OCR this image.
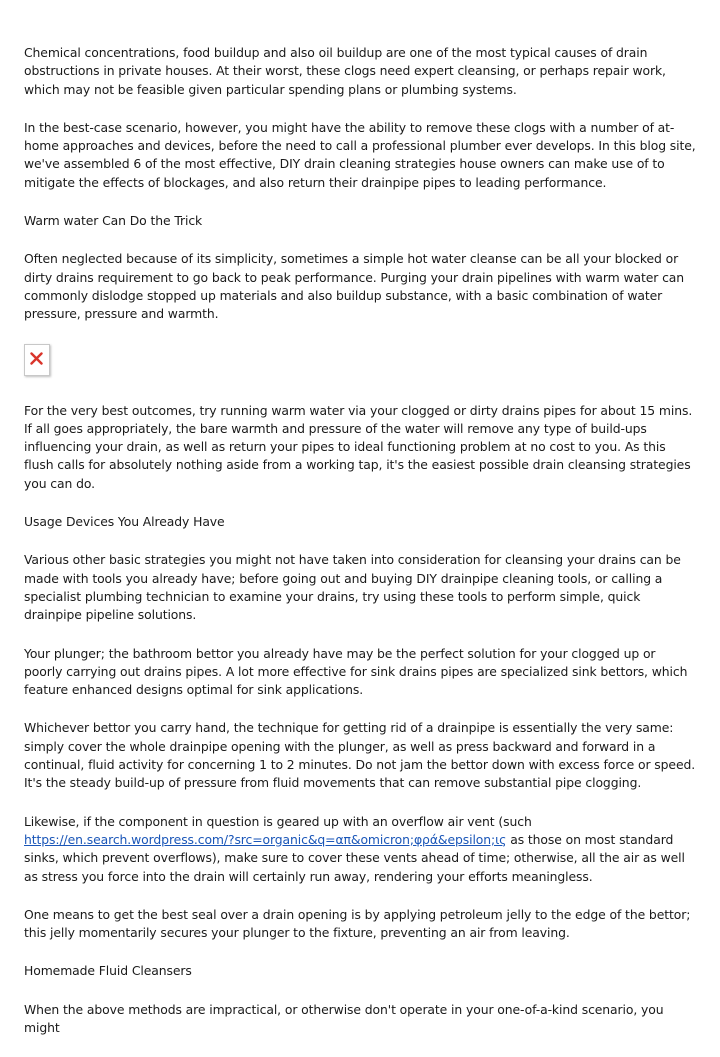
Chemical concentrations, food buildup and also oil buildup are one of the most typical causes of drain obstructions in private houses. At their worst, these clogs need expert cleansing, or perhaps repair work, which may not be feasible given particular spending plans or plumbing systems.

In the best-case scenario, however, you might have the ability to remove these clogs with a number of at-home approaches and devices, before the need to call a professional plumber ever develops. In this blog site, we've assembled 6 of the most effective, DIY drain cleaning strategies house owners can make use of to mitigate the effects of blockages, and also return their drainpipe pipes to leading performance.

Warm water Can Do the Trick

Often neglected because of its simplicity, sometimes a simple hot water cleanse can be all your blocked or dirty drains requirement to go back to peak performance. Purging your drain pipelines with warm water can commonly dislodge stopped up materials and also buildup substance, with a basic combination of water pressure, pressure and warmth.

For the very best outcomes, try running warm water via your clogged or dirty drains pipes for about 15 mins. If all goes appropriately, the bare warmth and pressure of the water will remove any type of build-ups influencing your drain, as well as return your pipes to ideal functioning problem at no cost to you. As this flush calls for absolutely nothing aside from a working tap, it's the easiest possible drain cleansing strategies you can do.

Usage Devices You Already Have

Various other basic strategies you might not have taken into consideration for cleansing your drains can be made with tools you already have; before going out and buying DIY drainpipe cleaning tools, or calling a specialist plumbing technician to examine your drains, try using these tools to perform simple, quick drainpipe pipeline solutions.

Your plunger; the bathroom bettor you already have may be the perfect solution for your clogged up or poorly carrying out drains pipes. A lot more effective for sink drains pipes are specialized sink bettors, which feature enhanced designs optimal for sink applications.

Whichever bettor you carry hand, the technique for getting rid of a drainpipe is essentially the very same: simply cover the whole drainpipe opening with the plunger, as well as press backward and forward in a continual, fluid activity for concerning 1 to 2 minutes. Do not jam the bettor down with excess force or speed. It's the steady build-up of pressure from fluid movements that can remove substantial pipe clogging.

Likewise, if the component in question is geared up with an overflow air vent (such https://en.search.wordpress.com/?src=organic&q=απ&omicron;φρά&epsilon;ις as those on most standard sinks, which prevent overflows), make sure to cover these vents ahead of time; otherwise, all the air as well as stress you force into the drain will certainly run away, rendering your efforts meaningless.

One means to get the best seal over a drain opening is by applying petroleum jelly to the edge of the bettor; this jelly momentarily secures your plunger to the fixture, preventing an air from leaving.

Homemade Fluid Cleansers

When the above methods are impractical, or otherwise don't operate in your one-of-a-kind scenario, you might
